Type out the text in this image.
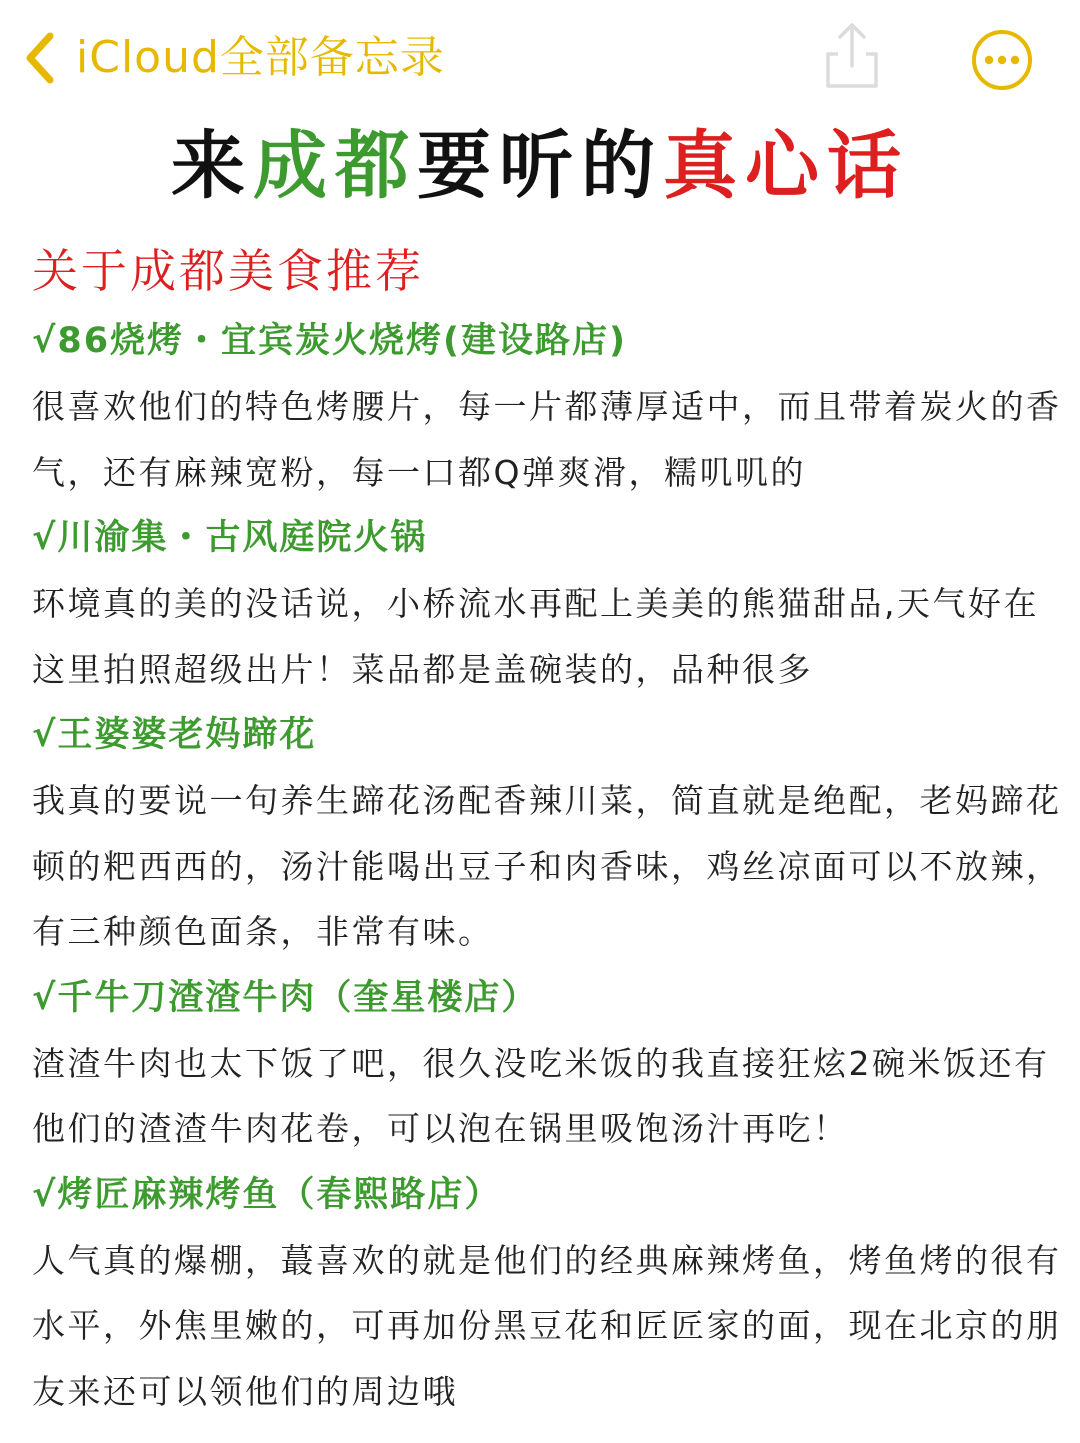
iCloud全部备忘录
来成都要听的真心话
关于成都美食推荐
√86烧烤・宜宾炭火烧烤(建设路店)

很喜欢他们的特色烤腰片，每一片都薄厚适中，而且带着炭火的香气，还有麻辣宽粉，每一口都Q弹爽滑，糯叽叽的

√川渝集・古风庭院火锅

环境真的美的没话说，小桥流水再配上美美的熊猫甜品,天气好在这里拍照超级出片！菜品都是盖碗装的，品种很多

√王婆婆老妈蹄花

我真的要说一句养生蹄花汤配香辣川菜，简直就是绝配，老妈蹄花顿的粑西西的，汤汁能喝出豆子和肉香味，鸡丝凉面可以不放辣，有三种颜色面条，非常有味。

√千牛刀渣渣牛肉（奎星楼店）

渣渣牛肉也太下饭了吧，很久没吃米饭的我直接狂炫2碗米饭还有他们的渣渣牛肉花卷，可以泡在锅里吸饱汤汁再吃！

√烤匠麻辣烤鱼（春熙路店）

人气真的爆棚，蕞喜欢的就是他们的经典麻辣烤鱼，烤鱼烤的很有水平，外焦里嫩的，可再加份黑豆花和匠匠家的面，现在北京的朋友来还可以领他们的周边哦
